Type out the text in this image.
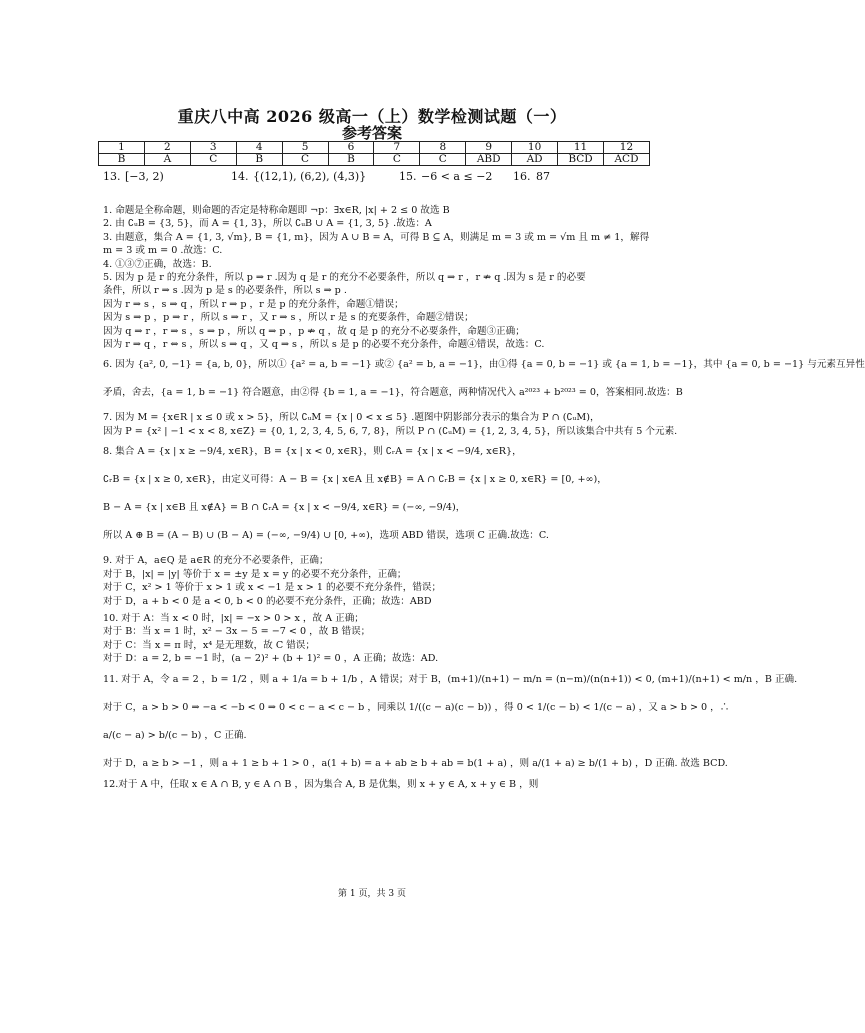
重庆八中高 2026 级高一（上）数学检测试题（一）
参考答案
1	2	3	4	5	6	7	8	9	10	11	12
B	A	C	B	C	B	C	C	ABD	AD	BCD	ACD
13. [−3, 2)	14. {(12,1), (6,2), (4,3)}	15. −6 < a ≤ −2 16. 87
1. 命题是全称命题，则命题的否定是特称命题即 ¬p：∃x∈R, |x| + 2 ≤ 0 故选 B
2. 由 ∁ᵤB = {3, 5}，而 A = {1, 3}，所以 ∁ᵤB ∪ A = {1, 3, 5} .故选：A
3. 由题意，集合 A = {1, 3, √m}, B = {1, m}，因为 A ∪ B = A，可得 B ⊆ A，则满足 m = 3 或 m = √m 且 m ≠ 1，解得
m = 3 或 m = 0 .故选：C.
4. ①③⑦正确，故选：B.
5. 因为 p 是 r 的充分条件，所以 p ⇒ r .因为 q 是 r 的充分不必要条件，所以 q ⇒ r ，r ⇏ q .因为 s 是 r 的必要
条件，所以 r ⇒ s .因为 p 是 s 的必要条件，所以 s ⇒ p .
因为 r ⇒ s ，s ⇒ q ，所以 r ⇒ p ，r 是 p 的充分条件，命题①错误；
因为 s ⇒ p ，p ⇒ r ，所以 s ⇒ r ，又 r ⇒ s ，所以 r 是 s 的充要条件，命题②错误；
因为 q ⇒ r ，r ⇒ s ，s ⇒ p ，所以 q ⇒ p ，p ⇏ q ，故 q 是 p 的充分不必要条件，命题③正确；
因为 r ⇒ q ，r ⇔ s ，所以 s ⇒ q ，又 q ⇒ s ，所以 s 是 p 的必要不充分条件，命题④错误，故选：C.
6. 因为 {a², 0, −1} = {a, b, 0}，所以① {a² = a, b = −1} 或② {a² = b, a = −1}，由①得 {a = 0, b = −1} 或 {a = 1, b = −1}，其中 {a = 0, b = −1} 与元素互异性
矛盾，舍去，{a = 1, b = −1} 符合题意，由②得 {b = 1, a = −1}，符合题意，两种情况代入 a²⁰²³ + b²⁰²³ = 0，答案相同.故选：B
7. 因为 M = {x∈R | x ≤ 0 或 x > 5}，所以 ∁ᵤM = {x | 0 < x ≤ 5} .题图中阴影部分表示的集合为 P ∩ (∁ᵤM)，
因为 P = {x² | −1 < x < 8, x∈Z} = {0, 1, 2, 3, 4, 5, 6, 7, 8}，所以 P ∩ (∁ᵤM) = {1, 2, 3, 4, 5}，所以该集合中共有 5 个元素.
8. 集合 A = {x | x ≥ −9/4, x∈R}，B = {x | x < 0, x∈R}，则 ∁ᵣA = {x | x < −9/4, x∈R}，
∁ᵣB = {x | x ≥ 0, x∈R}，由定义可得：A − B = {x | x∈A 且 x∉B} = A ∩ ∁ᵣB = {x | x ≥ 0, x∈R} = [0, +∞)，
B − A = {x | x∈B 且 x∉A} = B ∩ ∁ᵣA = {x | x < −9/4, x∈R} = (−∞, −9/4)，
所以 A ⊕ B = (A − B) ∪ (B − A) = (−∞, −9/4) ∪ [0, +∞)，选项 ABD 错误，选项 C 正确.故选：C.
9. 对于 A，a∈Q 是 a∈R 的充分不必要条件，正确；
对于 B，|x| = |y| 等价于 x = ±y 是 x = y 的必要不充分条件，正确；
对于 C，x² > 1 等价于 x > 1 或 x < −1 是 x > 1 的必要不充分条件，错误；
对于 D，a + b < 0 是 a < 0, b < 0 的必要不充分条件，正确；故选：ABD
10. 对于 A：当 x < 0 时，|x| = −x > 0 > x ，故 A 正确；
对于 B：当 x = 1 时，x² − 3x − 5 = −7 < 0 ，故 B 错误；
对于 C：当 x = π 时，x⁴ 是无理数，故 C 错误；
对于 D：a = 2, b = −1 时，(a − 2)² + (b + 1)² = 0 ，A 正确；故选：AD.
11. 对于 A，令 a = 2 ，b = 1/2 ，则 a + 1/a = b + 1/b ，A 错误；对于 B，(m+1)/(n+1) − m/n = (n−m)/(n(n+1)) < 0, (m+1)/(n+1) < m/n ，B 正确.
对于 C，a > b > 0 ⇒ −a < −b < 0 ⇒ 0 < c − a < c − b ，同乘以 1/((c − a)(c − b)) ，得 0 < 1/(c − b) < 1/(c − a) ，又 a > b > 0 ，∴
a/(c − a) > b/(c − b) ，C 正确.
对于 D，a ≥ b > −1 ，则 a + 1 ≥ b + 1 > 0 ，a(1 + b) = a + ab ≥ b + ab = b(1 + a) ，则 a/(1 + a) ≥ b/(1 + b) ，D 正确. 故选 BCD.
12.对于 A 中，任取 x ∈ A ∩ B, y ∈ A ∩ B ，因为集合 A, B 是优集，则 x + y ∈ A, x + y ∈ B ，则
第 1 页，共 3 页
